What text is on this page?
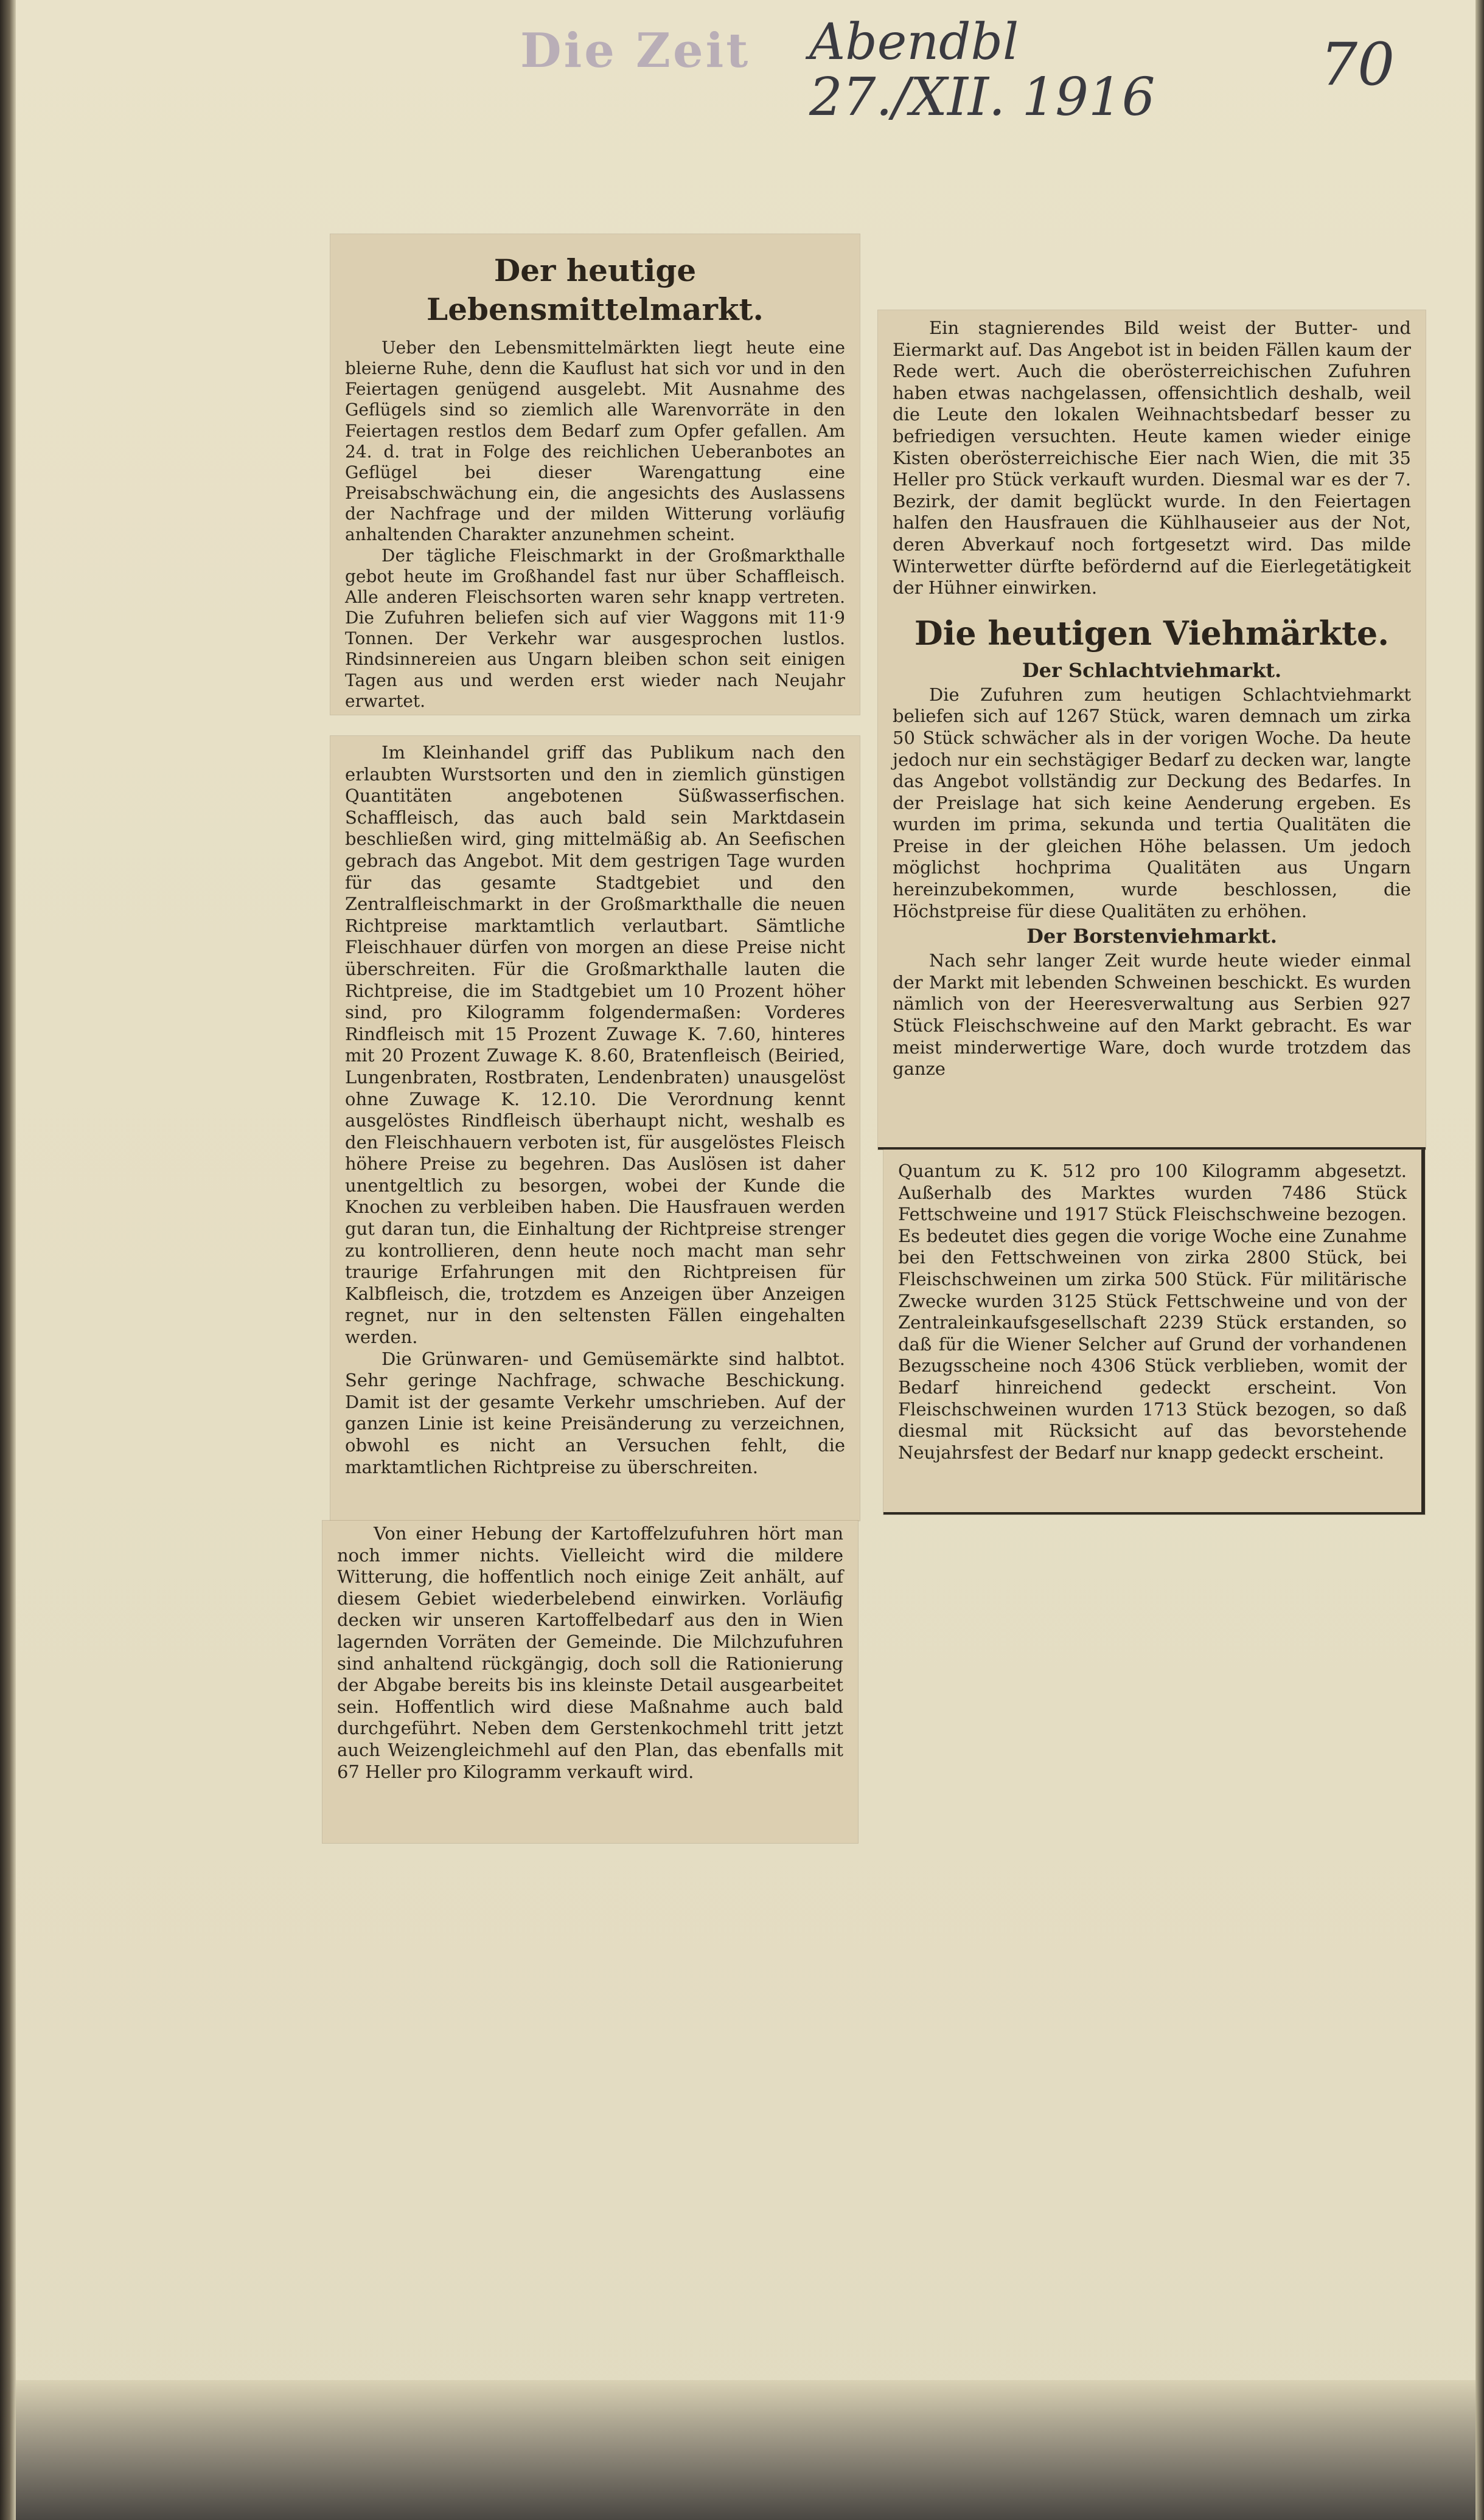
Die Zeit Abendbl
27./XII. 1916	70
Der heutige Lebensmittelmarkt.

Ueber den Lebensmittelmärkten liegt heute eine bleierne Ruhe, denn die Kauflust hat sich vor und in den Feiertagen genügend ausgelebt. Mit Ausnahme des Geflügels sind so ziemlich alle Warenvorräte in den Feiertagen restlos dem Bedarf zum Opfer gefallen. Am 24. d. trat in Folge des reichlichen Ueberanbotes an Geflügel bei dieser Warengattung eine Preisabschwächung ein, die angesichts des Auslassens der Nachfrage und der milden Witterung vorläufig anhaltenden Charakter anzunehmen scheint.

Der tägliche Fleischmarkt in der Großmarkthalle gebot heute im Großhandel fast nur über Schaffleisch. Alle anderen Fleischsorten waren sehr knapp vertreten. Die Zufuhren beliefen sich auf vier Waggons mit 11·9 Tonnen. Der Verkehr war ausgesprochen lustlos. Rindsinnereien aus Ungarn bleiben schon seit einigen Tagen aus und werden erst wieder nach Neujahr erwartet.

Im Kleinhandel griff das Publikum nach den erlaubten Wurstsorten und den in ziemlich günstigen Quantitäten angebotenen Süßwasserfischen. Schaffleisch, das auch bald sein Marktdasein beschließen wird, ging mittelmäßig ab. An Seefischen gebrach das Angebot. Mit dem gestrigen Tage wurden für das gesamte Stadtgebiet und den Zentralfleischmarkt in der Großmarkthalle die neuen Richtpreise marktamtlich verlautbart. Sämtliche Fleischhauer dürfen von morgen an diese Preise nicht überschreiten. Für die Großmarkthalle lauten die Richtpreise, die im Stadtgebiet um 10 Prozent höher sind, pro Kilogramm folgendermaßen: Vorderes Rindfleisch mit 15 Prozent Zuwage K. 7.60, hinteres mit 20 Prozent Zuwage K. 8.60, Bratenfleisch (Beiried, Lungenbraten, Rostbraten, Lendenbraten) unausgelöst ohne Zuwage K. 12.10. Die Verordnung kennt ausgelöstes Rindfleisch überhaupt nicht, weshalb es den Fleischhauern verboten ist, für ausgelöstes Fleisch höhere Preise zu begehren. Das Auslösen ist daher unentgeltlich zu besorgen, wobei der Kunde die Knochen zu verbleiben haben. Die Hausfrauen werden gut daran tun, die Einhaltung der Richtpreise strenger zu kontrollieren, denn heute noch macht man sehr traurige Erfahrungen mit den Richtpreisen für Kalbfleisch, die, trotzdem es Anzeigen über Anzeigen regnet, nur in den seltensten Fällen eingehalten werden.

Die Grünwaren- und Gemüsemärkte sind halbtot. Sehr geringe Nachfrage, schwache Beschickung. Damit ist der gesamte Verkehr umschrieben. Auf der ganzen Linie ist keine Preisänderung zu verzeichnen, obwohl es nicht an Versuchen fehlt, die marktamtlichen Richtpreise zu überschreiten.

Von einer Hebung der Kartoffelzufuhren hört man noch immer nichts. Vielleicht wird die mildere Witterung, die hoffentlich noch einige Zeit anhält, auf diesem Gebiet wiederbelebend einwirken. Vorläufig decken wir unseren Kartoffelbedarf aus den in Wien lagernden Vorräten der Gemeinde. Die Milchzufuhren sind anhaltend rückgängig, doch soll die Rationierung der Abgabe bereits bis ins kleinste Detail ausgearbeitet sein. Hoffentlich wird diese Maßnahme auch bald durchgeführt. Neben dem Gerstenkochmehl tritt jetzt auch Weizengleichmehl auf den Plan, das ebenfalls mit 67 Heller pro Kilogramm verkauft wird.

Ein stagnierendes Bild weist der Butter- und Eiermarkt auf. Das Angebot ist in beiden Fällen kaum der Rede wert. Auch die oberösterreichischen Zufuhren haben etwas nachgelassen, offensichtlich deshalb, weil die Leute den lokalen Weihnachtsbedarf besser zu befriedigen versuchten. Heute kamen wieder einige Kisten oberösterreichische Eier nach Wien, die mit 35 Heller pro Stück verkauft wurden. Diesmal war es der 7. Bezirk, der damit beglückt wurde. In den Feiertagen halfen den Hausfrauen die Kühlhauseier aus der Not, deren Abverkauf noch fortgesetzt wird. Das milde Winterwetter dürfte befördernd auf die Eierlegetätigkeit der Hühner einwirken.

Die heutigen Viehmärkte.
Der Schlachtviehmarkt.

Die Zufuhren zum heutigen Schlachtviehmarkt beliefen sich auf 1267 Stück, waren demnach um zirka 50 Stück schwächer als in der vorigen Woche. Da heute jedoch nur ein sechstägiger Bedarf zu decken war, langte das Angebot vollständig zur Deckung des Bedarfes. In der Preislage hat sich keine Aenderung ergeben. Es wurden im prima, sekunda und tertia Qualitäten die Preise in der gleichen Höhe belassen. Um jedoch möglichst hochprima Qualitäten aus Ungarn hereinzubekommen, wurde beschlossen, die Höchstpreise für diese Qualitäten zu erhöhen.

Der Borstenviehmarkt.

Nach sehr langer Zeit wurde heute wieder einmal der Markt mit lebenden Schweinen beschickt. Es wurden nämlich von der Heeresverwaltung aus Serbien 927 Stück Fleischschweine auf den Markt gebracht. Es war meist minderwertige Ware, doch wurde trotzdem das ganze

Quantum zu K. 512 pro 100 Kilogramm abgesetzt. Außerhalb des Marktes wurden 7486 Stück Fettschweine und 1917 Stück Fleischschweine bezogen. Es bedeutet dies gegen die vorige Woche eine Zunahme bei den Fettschweinen von zirka 2800 Stück, bei Fleischschweinen um zirka 500 Stück. Für militärische Zwecke wurden 3125 Stück Fettschweine und von der Zentraleinkaufsgesellschaft 2239 Stück erstanden, so daß für die Wiener Selcher auf Grund der vorhandenen Bezugsscheine noch 4306 Stück verblieben, womit der Bedarf hinreichend gedeckt erscheint. Von Fleischschweinen wurden 1713 Stück bezogen, so daß diesmal mit Rücksicht auf das bevorstehende Neujahrsfest der Bedarf nur knapp gedeckt erscheint.
